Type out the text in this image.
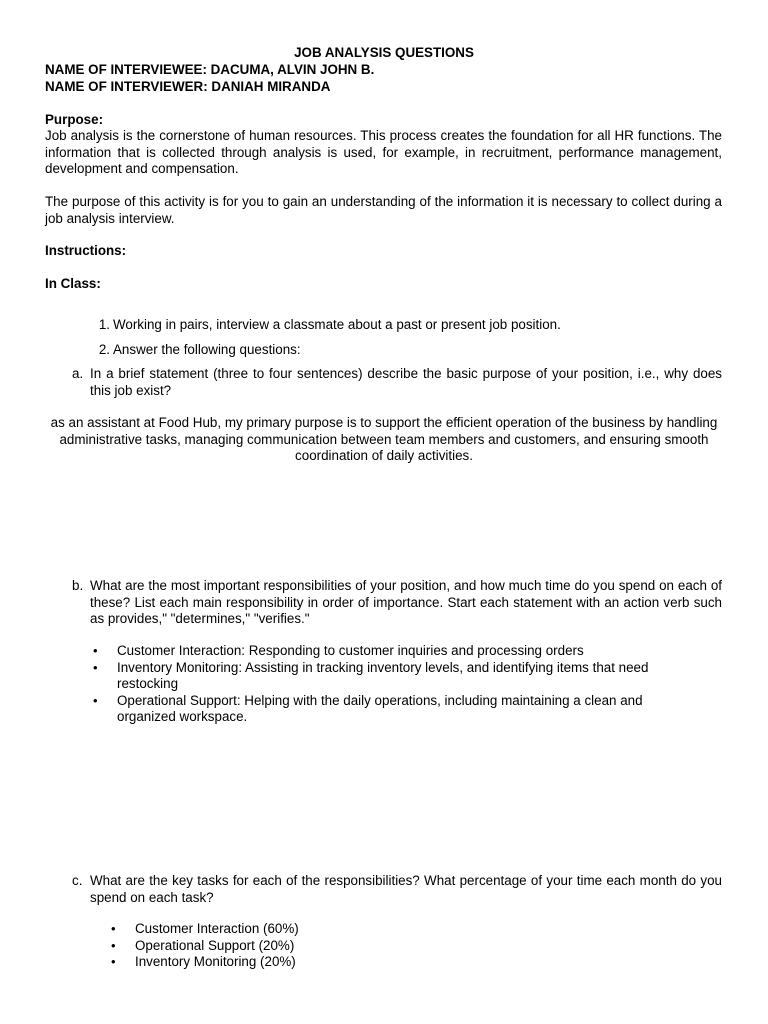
JOB ANALYSIS QUESTIONS
NAME OF INTERVIEWEE: DACUMA, ALVIN JOHN B.
NAME OF INTERVIEWER: DANIAH MIRANDA
Purpose:
Job analysis is the cornerstone of human resources. This process creates the foundation for all HR functions. The information that is collected through analysis is used, for example, in recruitment, performance management, development and compensation.
The purpose of this activity is for you to gain an understanding of the information it is necessary to collect during a job analysis interview.
Instructions:
In Class:
1. Working in pairs, interview a classmate about a past or present job position.
2. Answer the following questions:
a. In a brief statement (three to four sentences) describe the basic purpose of your position, i.e., why does this job exist?
as an assistant at Food Hub, my primary purpose is to support the efficient operation of the business by handling administrative tasks, managing communication between team members and customers, and ensuring smooth coordination of daily activities.
b. What are the most important responsibilities of your position, and how much time do you spend on each of these? List each main responsibility in order of importance. Start each statement with an action verb such as provides," "determines," "verifies."
• Customer Interaction: Responding to customer inquiries and processing orders
• Inventory Monitoring: Assisting in tracking inventory levels, and identifying items that need restocking
• Operational Support: Helping with the daily operations, including maintaining a clean and organized workspace.
c. What are the key tasks for each of the responsibilities? What percentage of your time each month do you spend on each task?
• Customer Interaction (60%)
• Operational Support (20%)
• Inventory Monitoring (20%)
